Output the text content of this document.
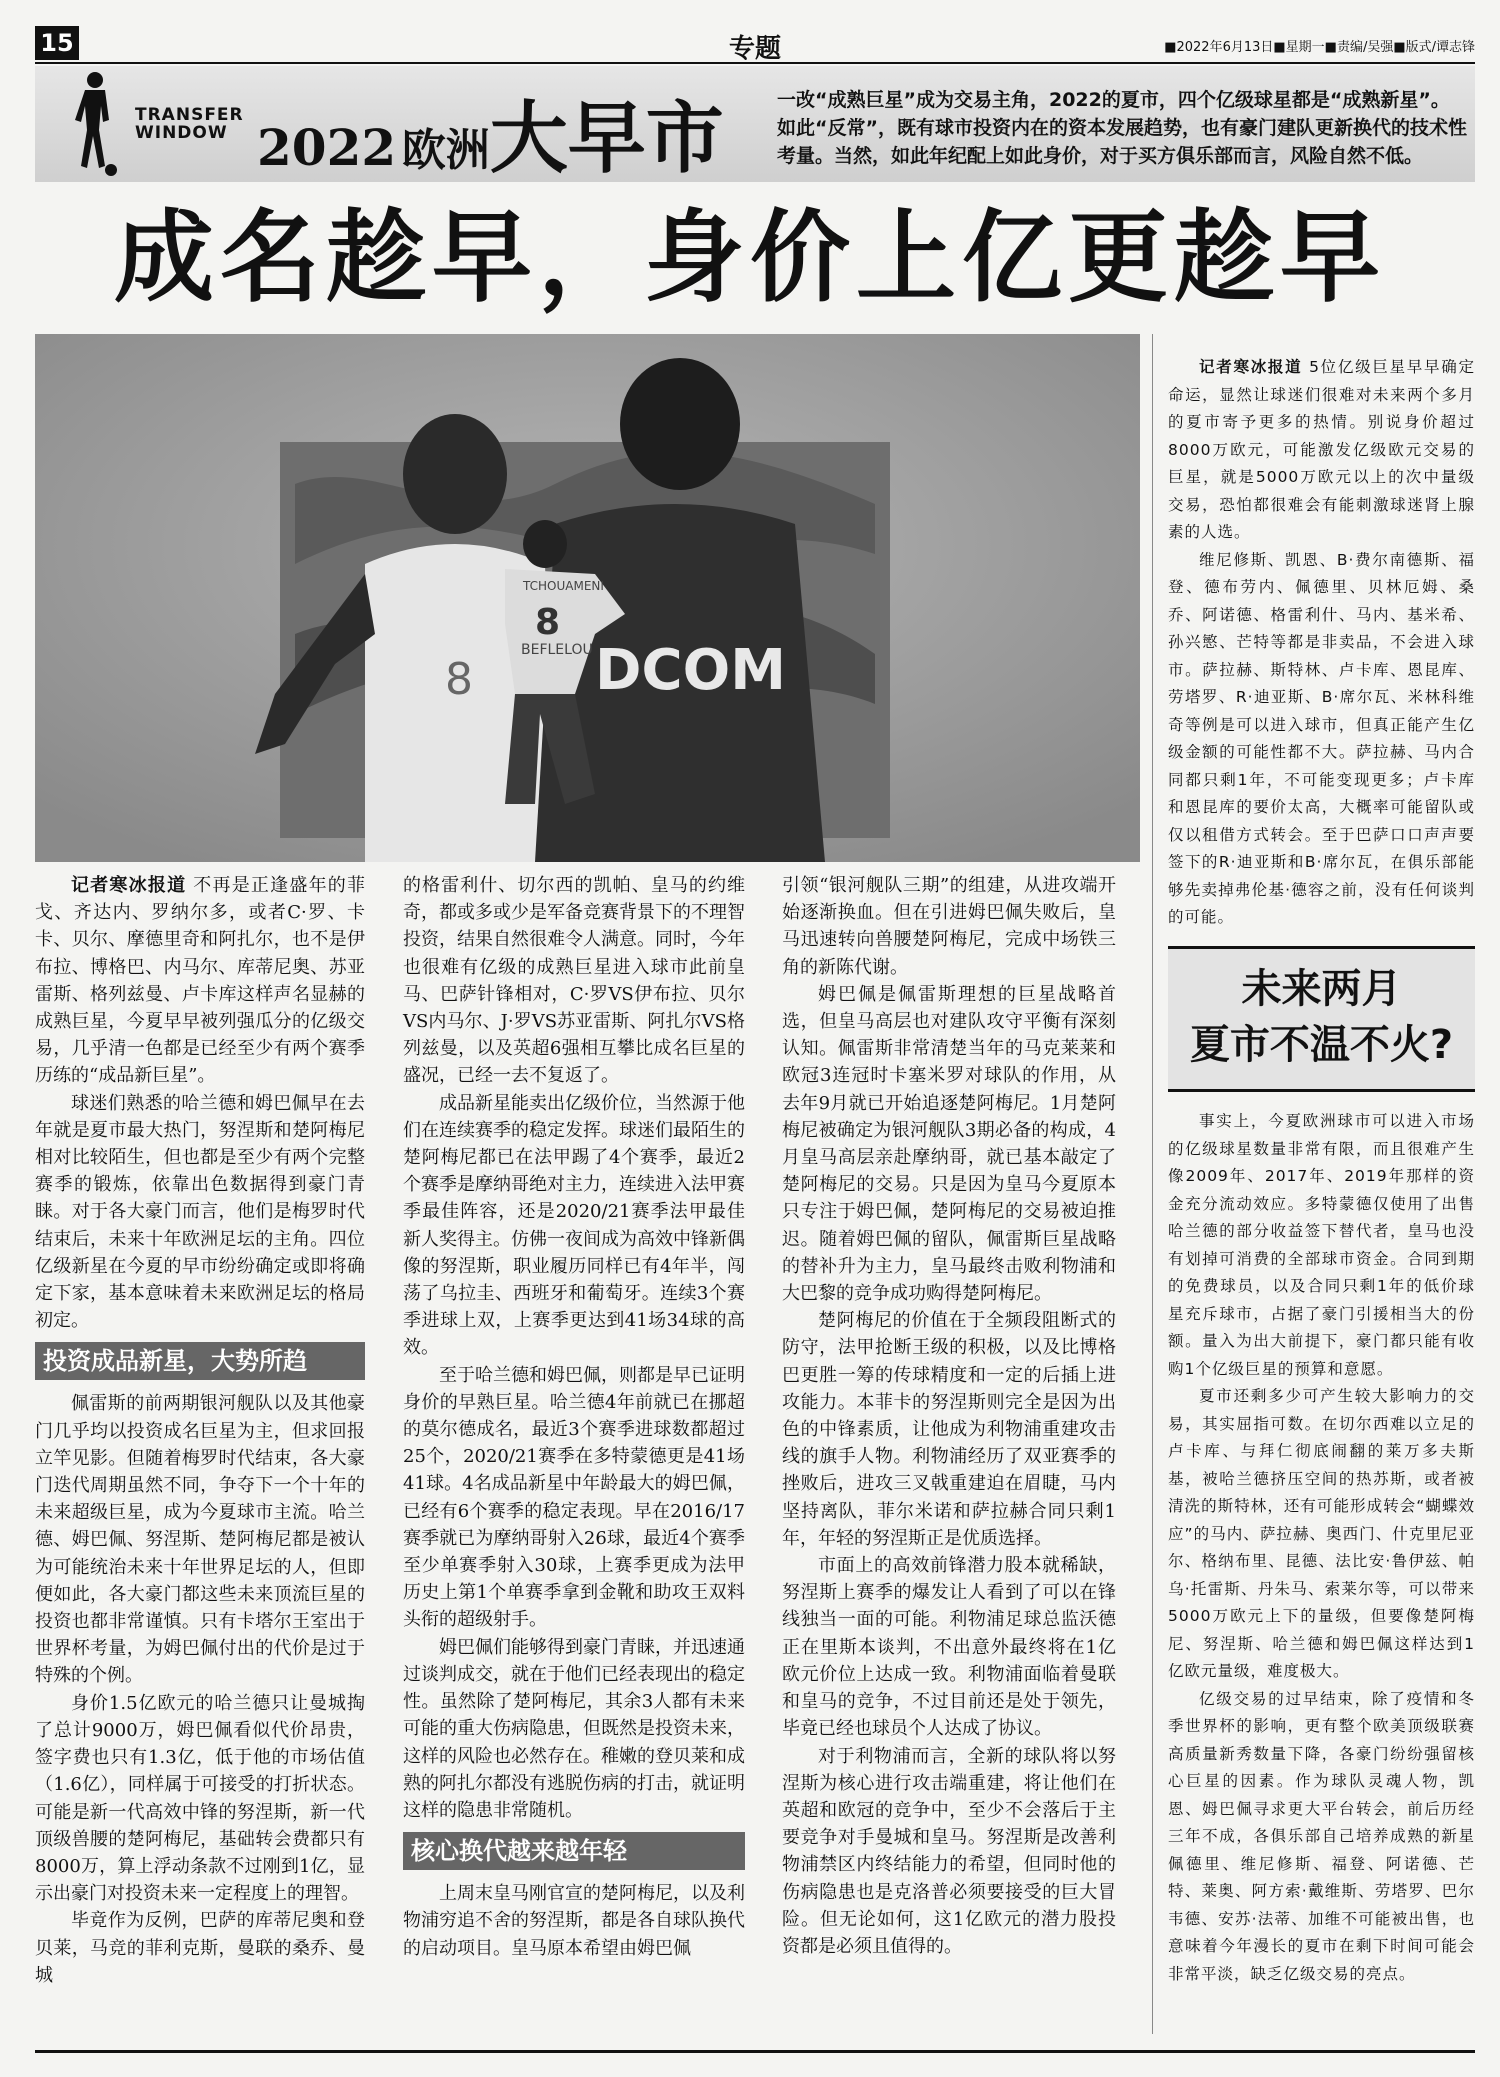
15	专题	■2022年6月13日■星期一■责编/吴强■版式/谭志锋
TRANSFER
WINDOW 2022 欧洲大早市	一改“成熟巨星”成为交易主角，2022的夏市，四个亿级球星都是“成熟新星”。如此“反常”，既有球市投资内在的资本发展趋势，也有豪门建队更新换代的技术性考量。当然，如此年纪配上如此身价，对于买方俱乐部而言，风险自然不低。
成名趁早，身价上亿更趁早
8 DCOM
TCHOUAMENI
8
BEFLELOU

记者寒冰报道 不再是正逢盛年的菲戈、齐达内、罗纳尔多，或者C·罗、卡卡、贝尔、摩德里奇和阿扎尔，也不是伊布拉、博格巴、内马尔、库蒂尼奥、苏亚雷斯、格列兹曼、卢卡库这样声名显赫的成熟巨星，今夏早早被列强瓜分的亿级交易，几乎清一色都是已经至少有两个赛季历练的“成品新巨星”。

球迷们熟悉的哈兰德和姆巴佩早在去年就是夏市最大热门，努涅斯和楚阿梅尼相对比较陌生，但也都是至少有两个完整赛季的锻炼，依靠出色数据得到豪门青睐。对于各大豪门而言，他们是梅罗时代结束后，未来十年欧洲足坛的主角。四位亿级新星在今夏的早市纷纷确定或即将确定下家，基本意味着未来欧洲足坛的格局初定。

投资成品新星，大势所趋

佩雷斯的前两期银河舰队以及其他豪门几乎均以投资成名巨星为主，但求回报立竿见影。但随着梅罗时代结束，各大豪门迭代周期虽然不同，争夺下一个十年的未来超级巨星，成为今夏球市主流。哈兰德、姆巴佩、努涅斯、楚阿梅尼都是被认为可能统治未来十年世界足坛的人，但即便如此，各大豪门都这些未来顶流巨星的投资也都非常谨慎。只有卡塔尔王室出于世界杯考量，为姆巴佩付出的代价是过于特殊的个例。

身价1.5亿欧元的哈兰德只让曼城掏了总计9000万，姆巴佩看似代价昂贵，签字费也只有1.3亿，低于他的市场估值（1.6亿），同样属于可接受的打折状态。可能是新一代高效中锋的努涅斯，新一代顶级兽腰的楚阿梅尼，基础转会费都只有8000万，算上浮动条款不过刚到1亿，显示出豪门对投资未来一定程度上的理智。

毕竟作为反例，巴萨的库蒂尼奥和登贝莱，马竞的菲利克斯，曼联的桑乔、曼城

的格雷利什、切尔西的凯帕、皇马的约维奇，都或多或少是军备竞赛背景下的不理智投资，结果自然很难令人满意。同时，今年也很难有亿级的成熟巨星进入球市此前皇马、巴萨针锋相对，C·罗VS伊布拉、贝尔VS内马尔、J·罗VS苏亚雷斯、阿扎尔VS格列兹曼，以及英超6强相互攀比成名巨星的盛况，已经一去不复返了。

成品新星能卖出亿级价位，当然源于他们在连续赛季的稳定发挥。球迷们最陌生的楚阿梅尼都已在法甲踢了4个赛季，最近2个赛季是摩纳哥绝对主力，连续进入法甲赛季最佳阵容，还是2020/21赛季法甲最佳新人奖得主。仿佛一夜间成为高效中锋新偶像的努涅斯，职业履历同样已有4年半，闯荡了乌拉圭、西班牙和葡萄牙。连续3个赛季进球上双，上赛季更达到41场34球的高效。

至于哈兰德和姆巴佩，则都是早已证明身价的早熟巨星。哈兰德4年前就已在挪超的莫尔德成名，最近3个赛季进球数都超过25个，2020/21赛季在多特蒙德更是41场41球。4名成品新星中年龄最大的姆巴佩，已经有6个赛季的稳定表现。早在2016/17赛季就已为摩纳哥射入26球，最近4个赛季至少单赛季射入30球，上赛季更成为法甲历史上第1个单赛季拿到金靴和助攻王双料头衔的超级射手。

姆巴佩们能够得到豪门青睐，并迅速通过谈判成交，就在于他们已经表现出的稳定性。虽然除了楚阿梅尼，其余3人都有未来可能的重大伤病隐患，但既然是投资未来，这样的风险也必然存在。稚嫩的登贝莱和成熟的阿扎尔都没有逃脱伤病的打击，就证明这样的隐患非常随机。

核心换代越来越年轻

上周末皇马刚官宣的楚阿梅尼，以及利物浦穷追不舍的努涅斯，都是各自球队换代的启动项目。皇马原本希望由姆巴佩

引领“银河舰队三期”的组建，从进攻端开始逐渐换血。但在引进姆巴佩失败后，皇马迅速转向兽腰楚阿梅尼，完成中场铁三角的新陈代谢。

姆巴佩是佩雷斯理想的巨星战略首选，但皇马高层也对建队攻守平衡有深刻认知。佩雷斯非常清楚当年的马克莱莱和欧冠3连冠时卡塞米罗对球队的作用，从去年9月就已开始追逐楚阿梅尼。1月楚阿梅尼被确定为银河舰队3期必备的构成，4月皇马高层亲赴摩纳哥，就已基本敲定了楚阿梅尼的交易。只是因为皇马今夏原本只专注于姆巴佩，楚阿梅尼的交易被迫推迟。随着姆巴佩的留队，佩雷斯巨星战略的替补升为主力，皇马最终击败利物浦和大巴黎的竞争成功购得楚阿梅尼。

楚阿梅尼的价值在于全频段阻断式的防守，法甲抢断王级的积极，以及比博格巴更胜一筹的传球精度和一定的后插上进攻能力。本菲卡的努涅斯则完全是因为出色的中锋素质，让他成为利物浦重建攻击线的旗手人物。利物浦经历了双亚赛季的挫败后，进攻三叉戟重建迫在眉睫，马内坚持离队，菲尔米诺和萨拉赫合同只剩1年，年轻的努涅斯正是优质选择。

市面上的高效前锋潜力股本就稀缺，努涅斯上赛季的爆发让人看到了可以在锋线独当一面的可能。利物浦足球总监沃德正在里斯本谈判，不出意外最终将在1亿欧元价位上达成一致。利物浦面临着曼联和皇马的竞争，不过目前还是处于领先，毕竟已经也球员个人达成了协议。

对于利物浦而言，全新的球队将以努涅斯为核心进行攻击端重建，将让他们在英超和欧冠的竞争中，至少不会落后于主要竞争对手曼城和皇马。努涅斯是改善利物浦禁区内终结能力的希望，但同时他的伤病隐患也是克洛普必须要接受的巨大冒险。但无论如何，这1亿欧元的潜力股投资都是必须且值得的。

记者寒冰报道 5位亿级巨星早早确定命运，显然让球迷们很难对未来两个多月的夏市寄予更多的热情。别说身价超过8000万欧元，可能激发亿级欧元交易的巨星，就是5000万欧元以上的次中量级交易，恐怕都很难会有能刺激球迷肾上腺素的人选。

维尼修斯、凯恩、B·费尔南德斯、福登、德布劳内、佩德里、贝林厄姆、桑乔、阿诺德、格雷利什、马内、基米希、孙兴慜、芒特等都是非卖品，不会进入球市。萨拉赫、斯特林、卢卡库、恩昆库、劳塔罗、R·迪亚斯、B·席尔瓦、米林科维奇等例是可以进入球市，但真正能产生亿级金额的可能性都不大。萨拉赫、马内合同都只剩1年，不可能变现更多；卢卡库和恩昆库的要价太高，大概率可能留队或仅以租借方式转会。至于巴萨口口声声要签下的R·迪亚斯和B·席尔瓦，在俱乐部能够先卖掉弗伦基·德容之前，没有任何谈判的可能。

未来两月
夏市不温不火?

事实上，今夏欧洲球市可以进入市场的亿级球星数量非常有限，而且很难产生像2009年、2017年、2019年那样的资金充分流动效应。多特蒙德仅使用了出售哈兰德的部分收益签下替代者，皇马也没有划掉可消费的全部球市资金。合同到期的免费球员，以及合同只剩1年的低价球星充斥球市，占据了豪门引援相当大的份额。量入为出大前提下，豪门都只能有收购1个亿级巨星的预算和意愿。

夏市还剩多少可产生较大影响力的交易，其实屈指可数。在切尔西难以立足的卢卡库、与拜仁彻底闹翻的莱万多夫斯基，被哈兰德挤压空间的热苏斯，或者被清洗的斯特林，还有可能形成转会“蝴蝶效应”的马内、萨拉赫、奥西门、什克里尼亚尔、格纳布里、昆德、法比安·鲁伊兹、帕乌·托雷斯、丹朱马、索莱尔等，可以带来5000万欧元上下的量级，但要像楚阿梅尼、努涅斯、哈兰德和姆巴佩这样达到1亿欧元量级，难度极大。

亿级交易的过早结束，除了疫情和冬季世界杯的影响，更有整个欧美顶级联赛高质量新秀数量下降，各豪门纷纷强留核心巨星的因素。作为球队灵魂人物，凯恩、姆巴佩寻求更大平台转会，前后历经三年不成，各俱乐部自己培养成熟的新星佩德里、维尼修斯、福登、阿诺德、芒特、莱奥、阿方索·戴维斯、劳塔罗、巴尔韦德、安苏·法蒂、加维不可能被出售，也意味着今年漫长的夏市在剩下时间可能会非常平淡，缺乏亿级交易的亮点。
